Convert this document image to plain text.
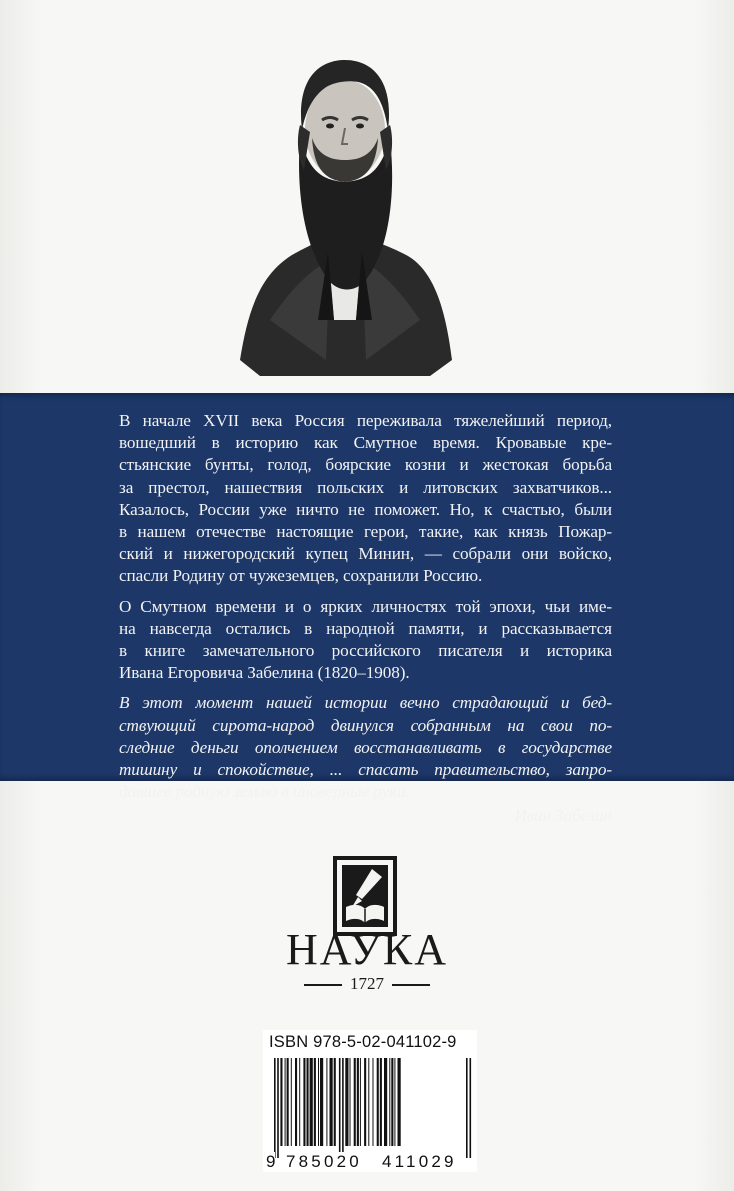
В начале XVII века Россия переживала тяжелейший период,
вошедший в историю как Смутное время. Кровавые кре-
стьянские бунты, голод, боярские козни и жестокая борьба
за престол, нашествия польских и литовских захватчиков...
Казалось, России уже ничто не поможет. Но, к счастью, были
в нашем отечестве настоящие герои, такие, как князь Пожар-
ский и нижегородский купец Минин, — собрали они войско,
спасли Родину от чужеземцев, сохранили Россию.

О Смутном времени и о ярких личностях той эпохи, чьи име-
на навсегда остались в народной памяти, и рассказывается
в книге замечательного российского писателя и историка
Ивана Егоровича Забелина (1820–1908).

В этот момент нашей истории вечно страдающий и бед-
ствующий сирота-народ двинулся собранным на свои по-
следние деньги ополчением восстанавливать в государстве
тишину и спокойствие, ... спасать правительство, запро-
давшее родную землю в иноверные руки.
Иван Забелин
НАУКА
1727
ISBN 978-5-02-041102-9
9 785020 411029
